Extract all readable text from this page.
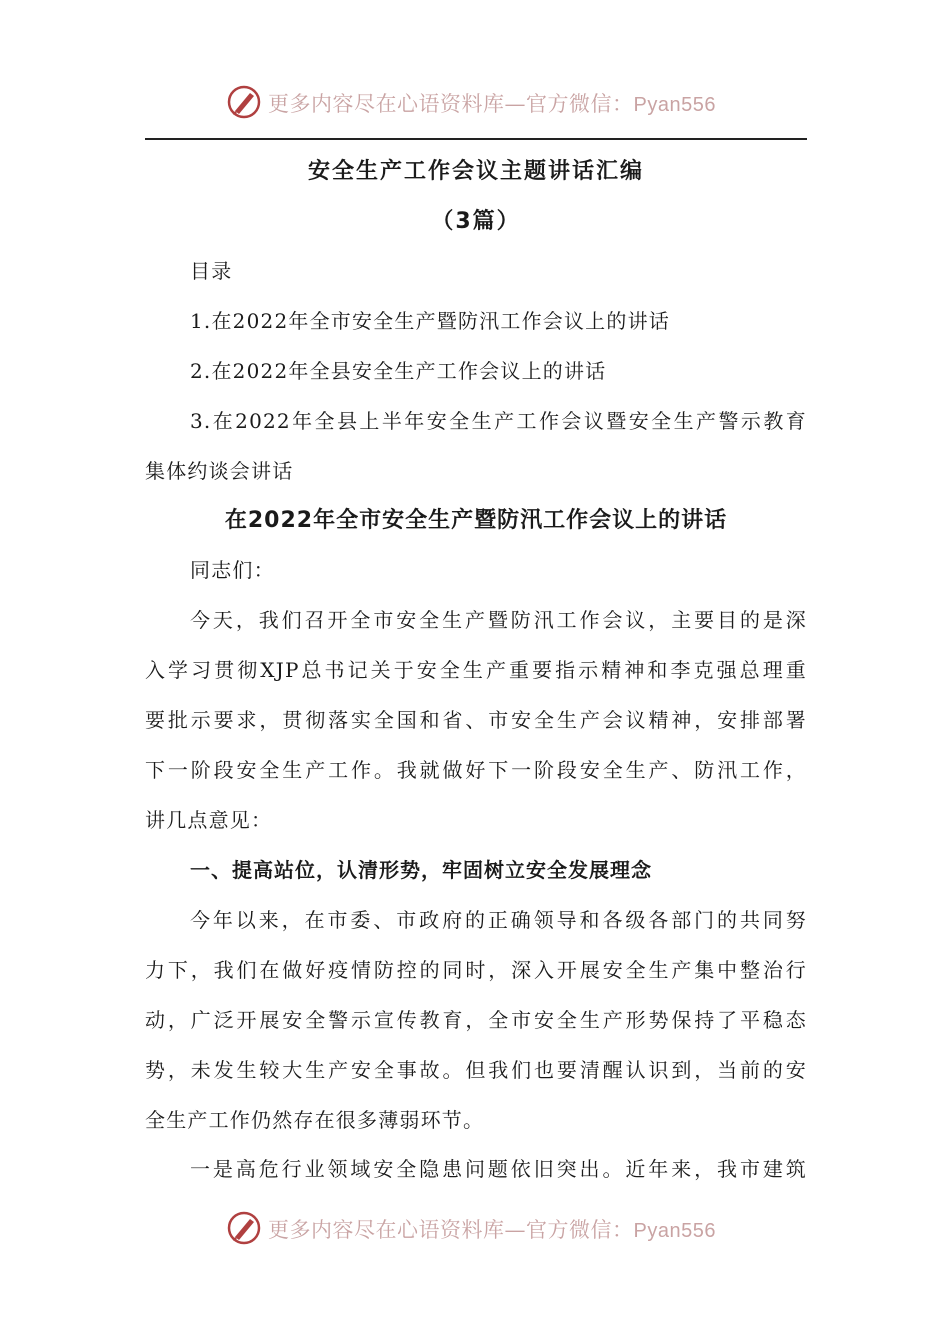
更多内容尽在心语资料库—官方微信：Pyan556
安全生产工作会议主题讲话汇编
（3篇）
目录
1.在2022年全市安全生产暨防汛工作会议上的讲话
2.在2022年全县安全生产工作会议上的讲话
3.在2022年全县上半年安全生产工作会议暨安全生产警示教育
集体约谈会讲话
在2022年全市安全生产暨防汛工作会议上的讲话
同志们：
今天，我们召开全市安全生产暨防汛工作会议，主要目的是深
入学习贯彻XJP总书记关于安全生产重要指示精神和李克强总理重
要批示要求，贯彻落实全国和省、市安全生产会议精神，安排部署
下一阶段安全生产工作。我就做好下一阶段安全生产、防汛工作，
讲几点意见：
一、提高站位，认清形势，牢固树立安全发展理念
今年以来，在市委、市政府的正确领导和各级各部门的共同努
力下，我们在做好疫情防控的同时，深入开展安全生产集中整治行
动，广泛开展安全警示宣传教育，全市安全生产形势保持了平稳态
势，未发生较大生产安全事故。但我们也要清醒认识到，当前的安
全生产工作仍然存在很多薄弱环节。
一是高危行业领域安全隐患问题依旧突出。近年来，我市建筑
更多内容尽在心语资料库—官方微信：Pyan556
